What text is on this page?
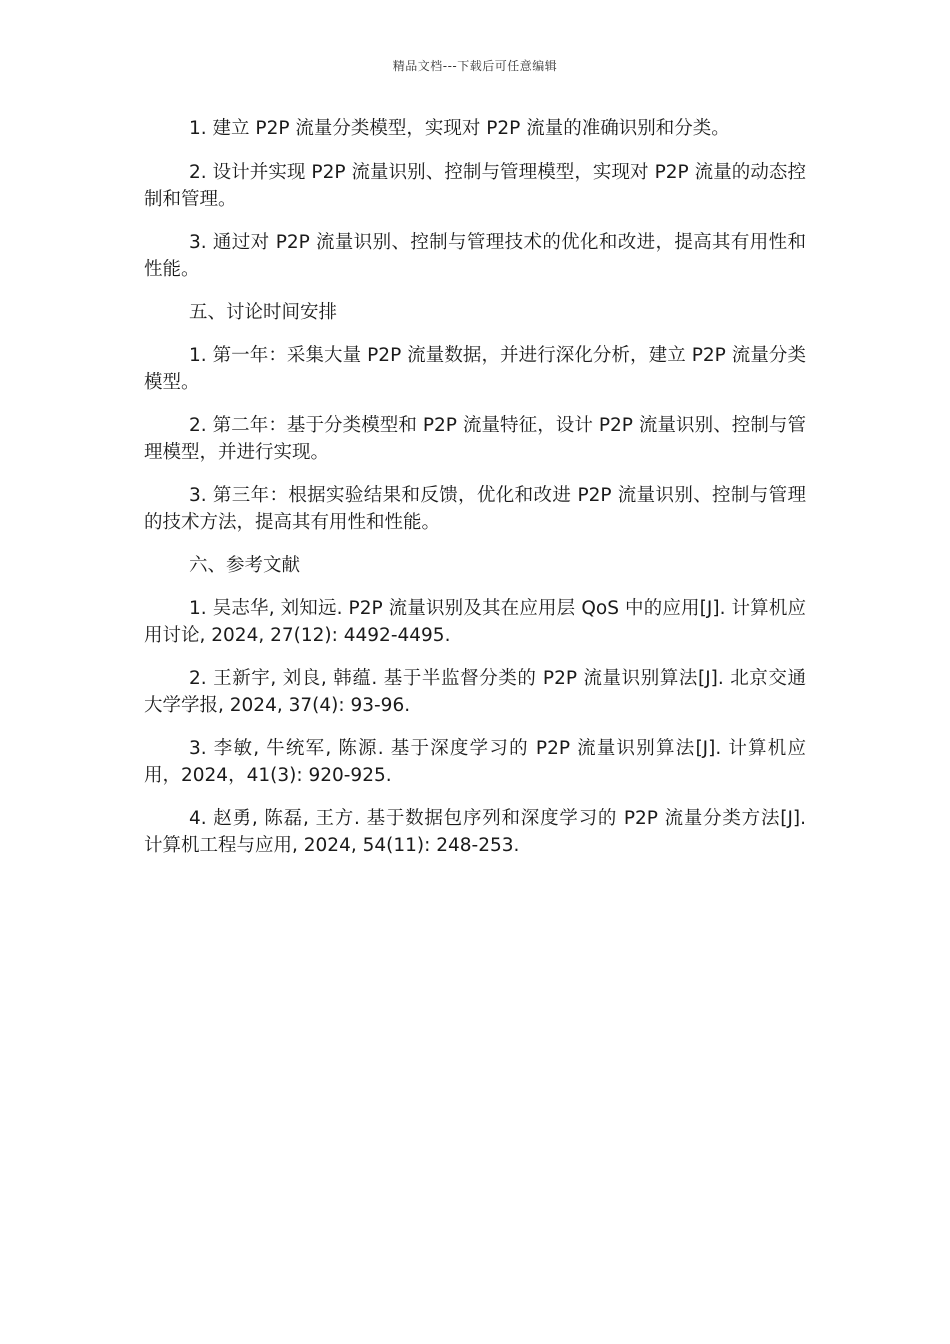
精品文档---下载后可任意编辑

1. 建立 P2P 流量分类模型，实现对 P2P 流量的准确识别和分类。

2. 设计并实现 P2P 流量识别、控制与管理模型，实现对 P2P 流量的动态控制和管理。

3. 通过对 P2P 流量识别、控制与管理技术的优化和改进，提高其有用性和性能。

五、讨论时间安排

1. 第一年：采集大量 P2P 流量数据，并进行深化分析，建立 P2P 流量分类模型。

2. 第二年：基于分类模型和 P2P 流量特征，设计 P2P 流量识别、控制与管理模型，并进行实现。

3. 第三年：根据实验结果和反馈，优化和改进 P2P 流量识别、控制与管理的技术方法，提高其有用性和性能。

六、参考文献

1. 吴志华, 刘知远. P2P 流量识别及其在应用层 QoS 中的应用[J]. 计算机应用讨论, 2024, 27(12): 4492-4495.

2. 王新宇, 刘良, 韩蕴. 基于半监督分类的 P2P 流量识别算法[J]. 北京交通大学学报, 2024, 37(4): 93-96.

3. 李敏, 牛统军, 陈源. 基于深度学习的 P2P 流量识别算法[J]. 计算机应用，2024，41(3): 920-925.

4. 赵勇, 陈磊, 王方. 基于数据包序列和深度学习的 P2P 流量分类方法[J]. 计算机工程与应用, 2024, 54(11): 248-253.
